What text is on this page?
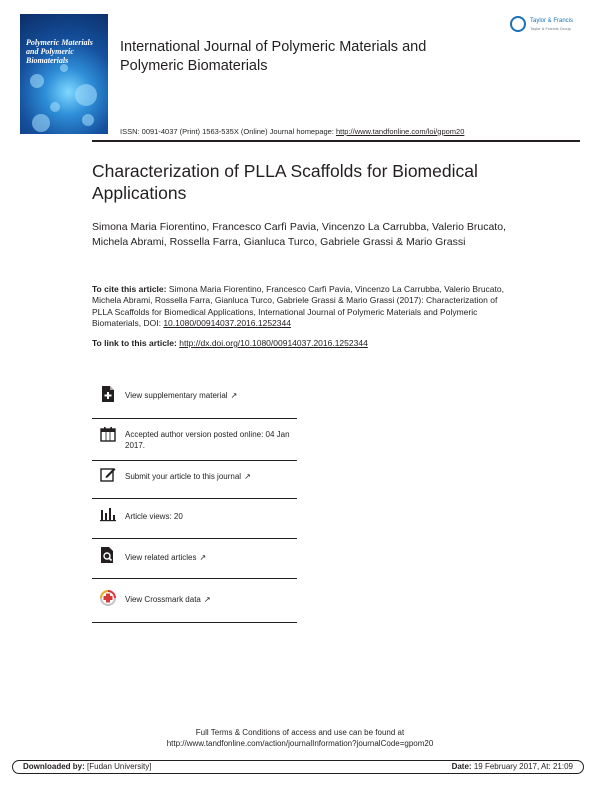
Polymeric Materials and Polymeric Biomaterials
International Journal of Polymeric Materials and Polymeric Biomaterials
ISSN: 0091-4037 (Print) 1563-535X (Online) Journal homepage: http://www.tandfonline.com/loi/gpom20
Taylor & Francis
Taylor & Francis Group
Characterization of PLLA Scaffolds for Biomedical Applications
Simona Maria Fiorentino, Francesco Carfì Pavia, Vincenzo La Carrubba, Valerio Brucato, Michela Abrami, Rossella Farra, Gianluca Turco, Gabriele Grassi & Mario Grassi
To cite this article: Simona Maria Fiorentino, Francesco Carfì Pavia, Vincenzo La Carrubba, Valerio Brucato, Michela Abrami, Rossella Farra, Gianluca Turco, Gabriele Grassi & Mario Grassi (2017): Characterization of PLLA Scaffolds for Biomedical Applications, International Journal of Polymeric Materials and Polymeric Biomaterials, DOI: 10.1080/00914037.2016.1252344
To link to this article: http://dx.doi.org/10.1080/00914037.2016.1252344
View supplementary material ↗
Accepted author version posted online: 04 Jan 2017.
Submit your article to this journal ↗
Article views: 20
View related articles ↗
View Crossmark data ↗
Full Terms & Conditions of access and use can be found at
http://www.tandfonline.com/action/journalInformation?journalCode=gpom20
Downloaded by: [Fudan University]	Date: 19 February 2017, At: 21:09
